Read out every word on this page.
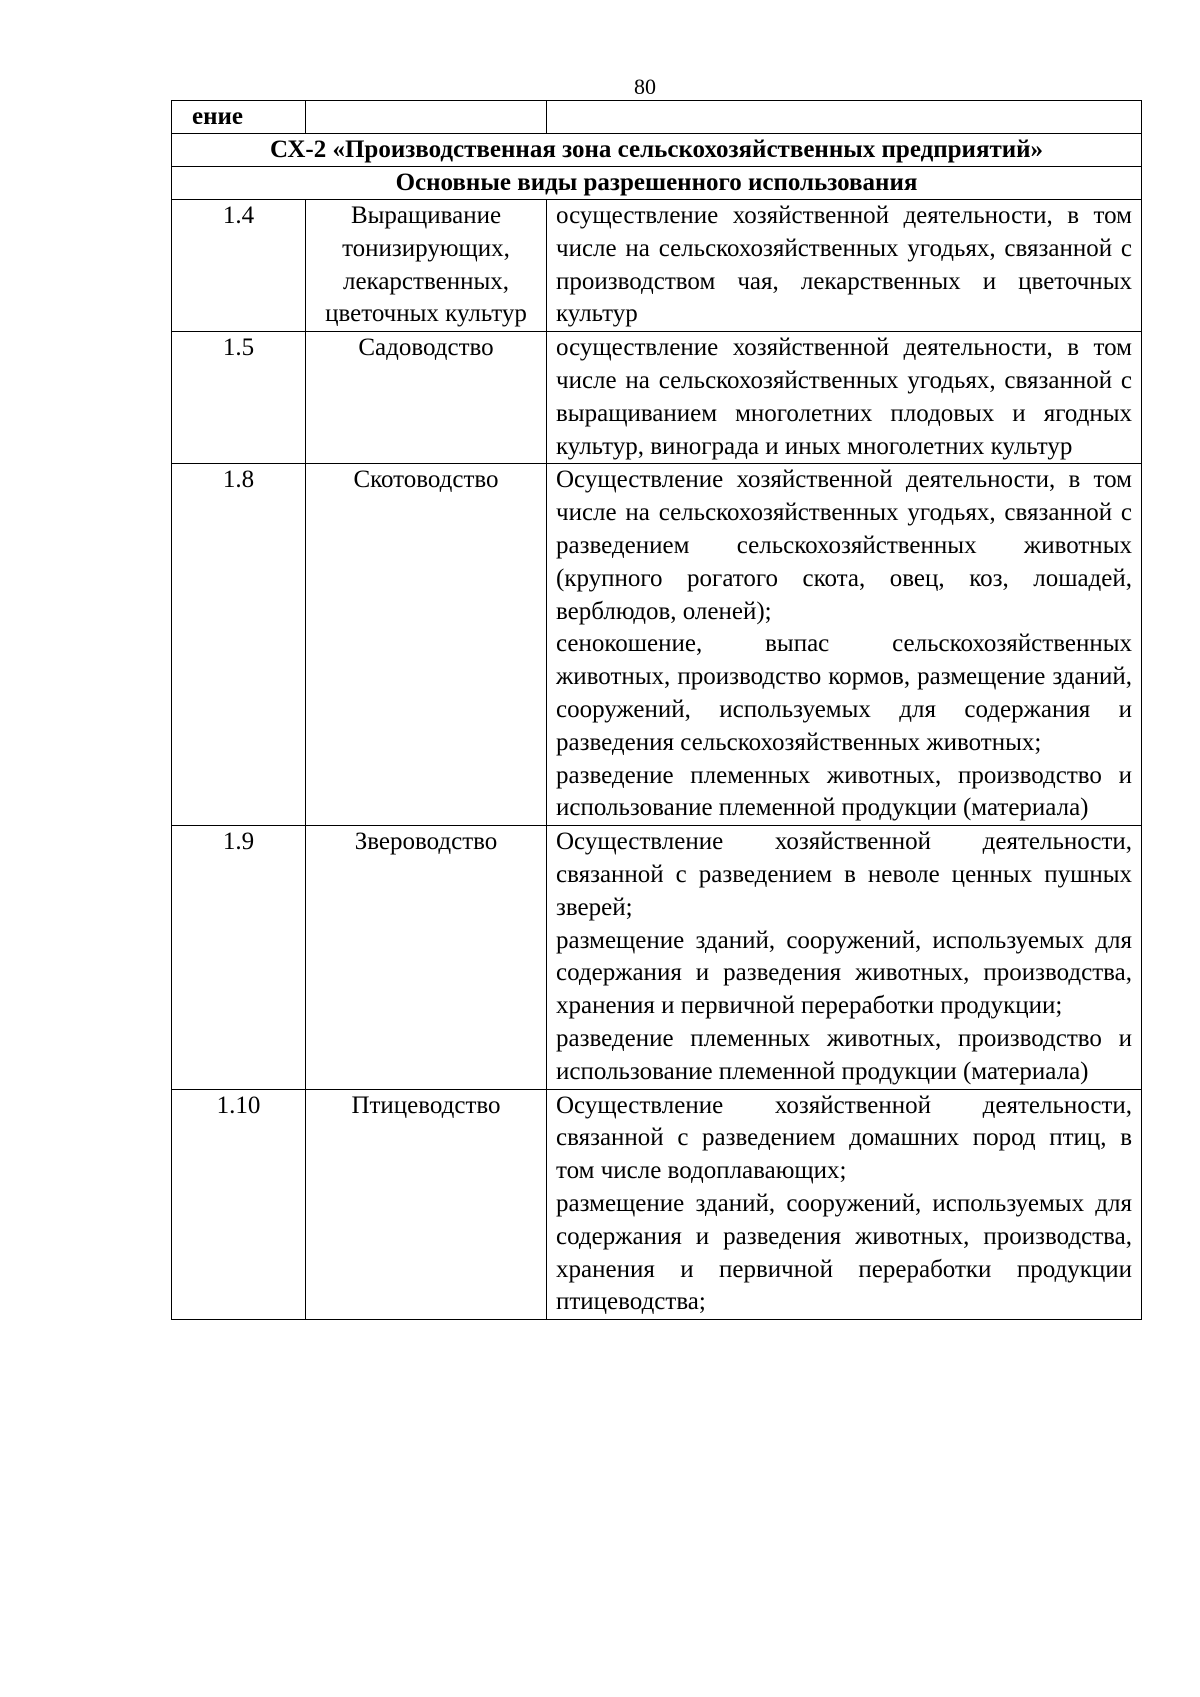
80
ение		
СХ-2 «Производственная зона сельскохозяйственных предприятий»		
Основные виды разрешенного использования		
1.4	Выращивание тонизирующих, лекарственных, цветочных культур	осуществление хозяйственной деятельности, в том числе на сельскохозяйственных угодьях, связанной с производством чая, лекарственных и цветочных культур

1.5	Садоводство	осуществление хозяйственной деятельности, в том числе на сельскохозяйственных угодьях, связанной с выращиванием многолетних плодовых и ягодных культур, винограда и иных многолетних культур

1.8	Скотоводство	Осуществление хозяйственной деятельности, в том числе на сельскохозяйственных угодьях, связанной с разведением сельскохозяйственных животных (крупного рогатого скота, овец, коз, лошадей, верблюдов, оленей);
сенокошение, выпас сельскохозяйственных животных, производство кормов, размещение зданий, сооружений, используемых для содержания и разведения сельскохозяйственных животных;
разведение племенных животных, производство и использование племенной продукции (материала)

1.9	Звероводство	Осуществление хозяйственной деятельности, связанной с разведением в неволе ценных пушных зверей;
размещение зданий, сооружений, используемых для содержания и разведения животных, производства, хранения и первичной переработки продукции;
разведение племенных животных, производство и использование племенной продукции (материала)

1.10	Птицеводство	Осуществление хозяйственной деятельности, связанной с разведением домашних пород птиц, в том числе водоплавающих;
размещение зданий, сооружений, используемых для содержания и разведения животных, производства, хранения и первичной переработки продукции птицеводства;
